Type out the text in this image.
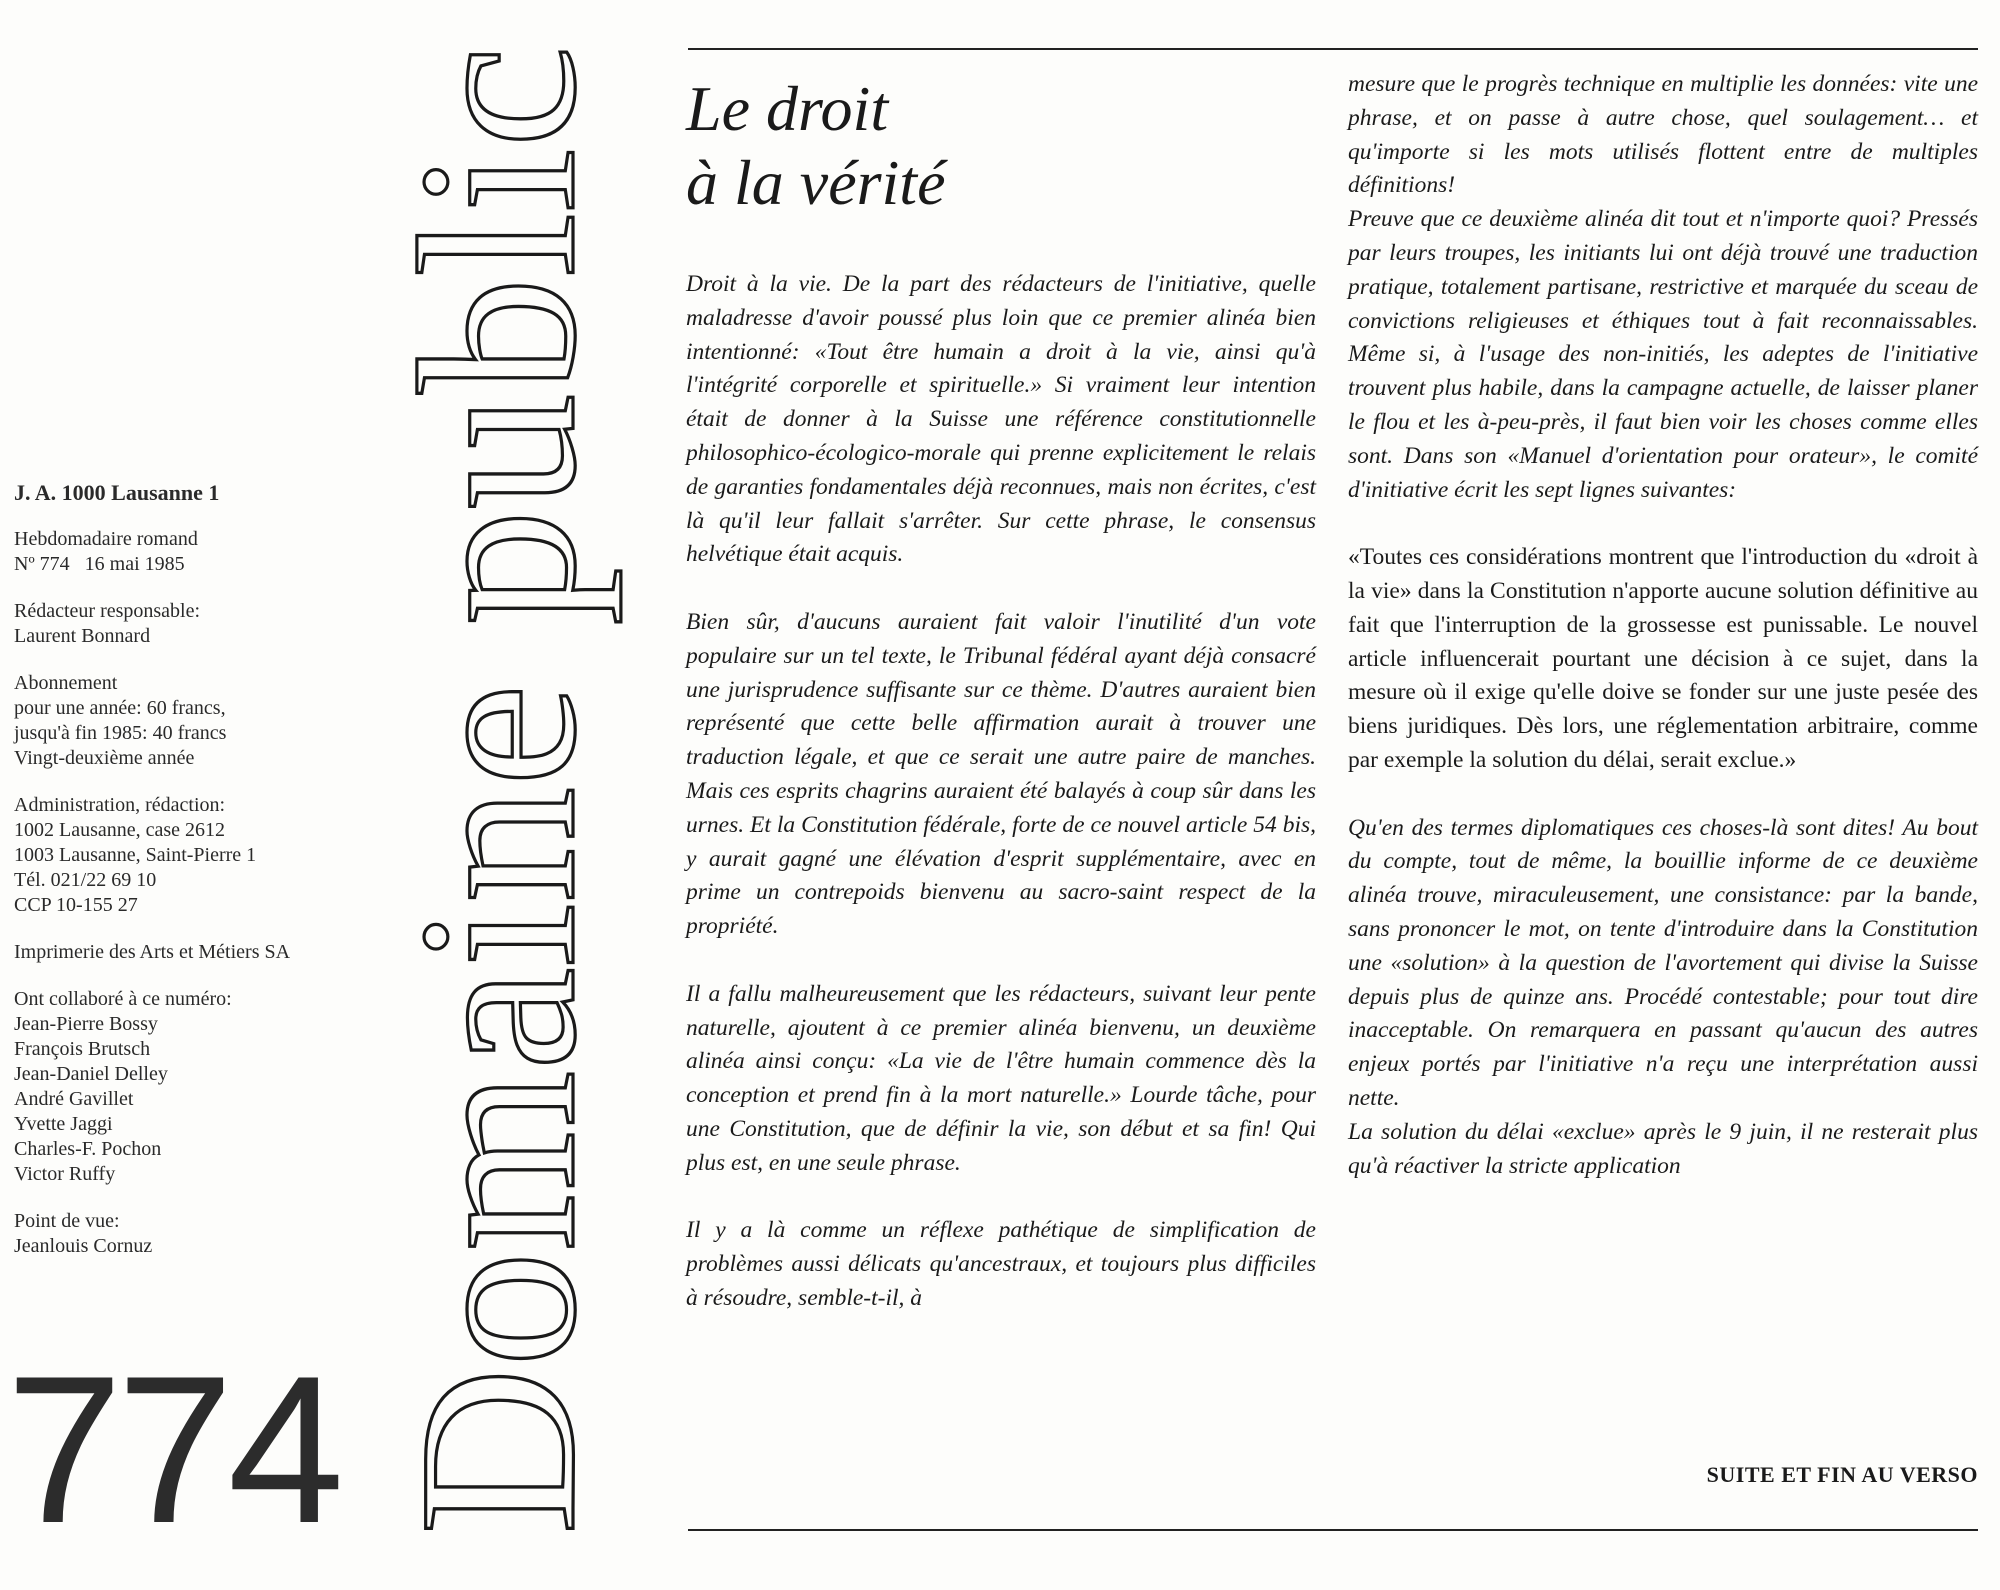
J. A. 1000 Lausanne 1
Hebdomadaire romand
Nº 774   16 mai 1985
Rédacteur responsable:
Laurent Bonnard
Abonnement
pour une année: 60 francs,
jusqu'à fin 1985: 40 francs
Vingt-deuxième année
Administration, rédaction:
1002 Lausanne, case 2612
1003 Lausanne, Saint-Pierre 1
Tél. 021/22 69 10
CCP 10-155 27
Imprimerie des Arts et Métiers SA
Ont collaboré à ce numéro:
Jean-Pierre Bossy
François Brutsch
Jean-Daniel Delley
André Gavillet
Yvette Jaggi
Charles-F. Pochon
Victor Ruffy
Point de vue:
Jeanlouis Cornuz
774 Domaine public Le droit
à la vérité

Droit à la vie. De la part des rédacteurs de l'initiative, quelle maladresse d'avoir poussé plus loin que ce premier alinéa bien intentionné: «Tout être humain a droit à la vie, ainsi qu'à l'intégrité corporelle et spirituelle.» Si vraiment leur intention était de donner à la Suisse une référence constitutionnelle philosophico-écologico-morale qui prenne explicitement le relais de garanties fondamentales déjà reconnues, mais non écrites, c'est là qu'il leur fallait s'arrêter. Sur cette phrase, le consensus helvétique était acquis.

Bien sûr, d'aucuns auraient fait valoir l'inutilité d'un vote populaire sur un tel texte, le Tribunal fédéral ayant déjà consacré une jurisprudence suffisante sur ce thème. D'autres auraient bien représenté que cette belle affirmation aurait à trouver une traduction légale, et que ce serait une autre paire de manches. Mais ces esprits chagrins auraient été balayés à coup sûr dans les urnes. Et la Constitution fédérale, forte de ce nouvel article 54 bis, y aurait gagné une élévation d'esprit supplémentaire, avec en prime un contrepoids bienvenu au sacro-saint respect de la propriété.

Il a fallu malheureusement que les rédacteurs, suivant leur pente naturelle, ajoutent à ce premier alinéa bienvenu, un deuxième alinéa ainsi conçu: «La vie de l'être humain commence dès la conception et prend fin à la mort naturelle.» Lourde tâche, pour une Constitution, que de définir la vie, son début et sa fin! Qui plus est, en une seule phrase.

Il y a là comme un réflexe pathétique de simplification de problèmes aussi délicats qu'ancestraux, et toujours plus difficiles à résoudre, semble-t-il, à

mesure que le progrès technique en multiplie les données: vite une phrase, et on passe à autre chose, quel soulagement… et qu'importe si les mots utilisés flottent entre de multiples définitions!

Preuve que ce deuxième alinéa dit tout et n'importe quoi? Pressés par leurs troupes, les initiants lui ont déjà trouvé une traduction pratique, totalement partisane, restrictive et marquée du sceau de convictions religieuses et éthiques tout à fait reconnaissables. Même si, à l'usage des non-initiés, les adeptes de l'initiative trouvent plus habile, dans la campagne actuelle, de laisser planer le flou et les à-peu-près, il faut bien voir les choses comme elles sont. Dans son «Manuel d'orientation pour orateur», le comité d'initiative écrit les sept lignes suivantes:

«Toutes ces considérations montrent que l'introduction du «droit à la vie» dans la Constitution n'apporte aucune solution définitive au fait que l'interruption de la grossesse est punissable. Le nouvel article influencerait pourtant une décision à ce sujet, dans la mesure où il exige qu'elle doive se fonder sur une juste pesée des biens juridiques. Dès lors, une réglementation arbitraire, comme par exemple la solution du délai, serait exclue.»

Qu'en des termes diplomatiques ces choses-là sont dites! Au bout du compte, tout de même, la bouillie informe de ce deuxième alinéa trouve, miraculeusement, une consistance: par la bande, sans prononcer le mot, on tente d'introduire dans la Constitution une «solution» à la question de l'avortement qui divise la Suisse depuis plus de quinze ans. Procédé contestable; pour tout dire inacceptable. On remarquera en passant qu'aucun des autres enjeux portés par l'initiative n'a reçu une interprétation aussi nette.

La solution du délai «exclue» après le 9 juin, il ne resterait plus qu'à réactiver la stricte application

SUITE ET FIN AU VERSO
